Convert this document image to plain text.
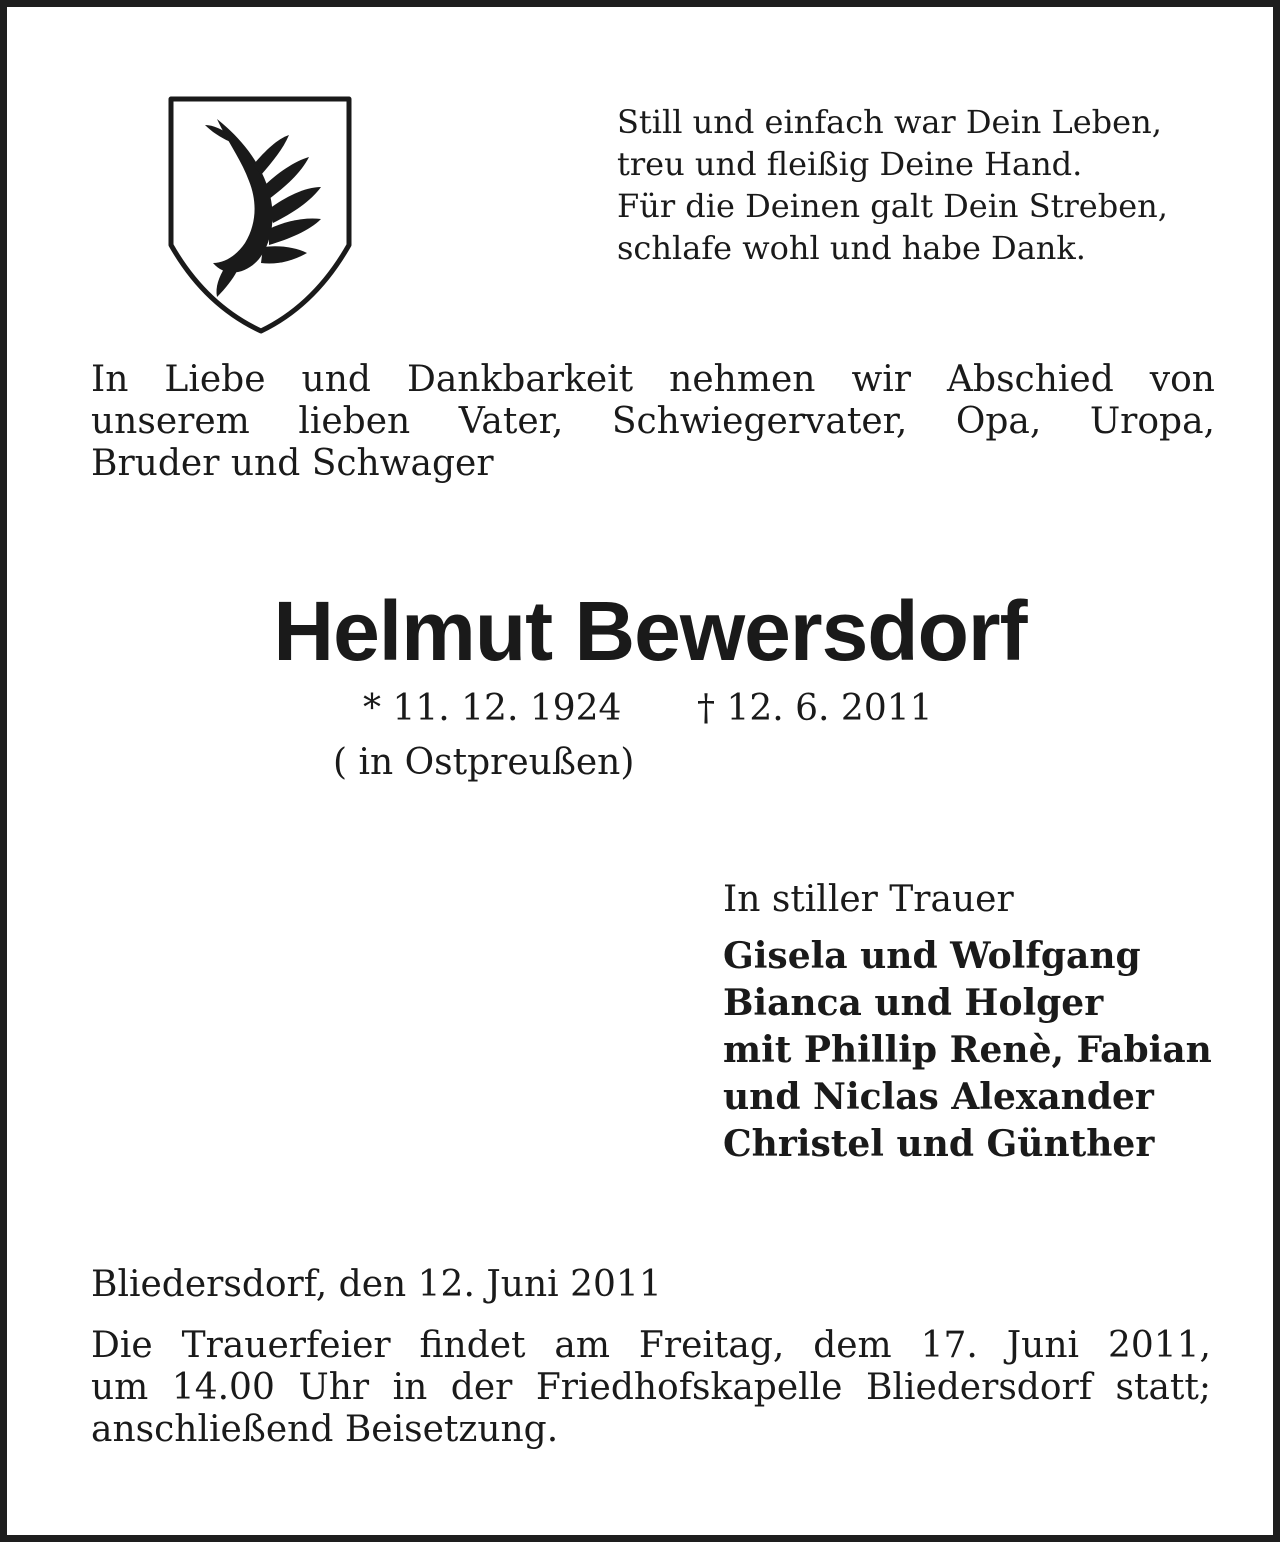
Still und einfach war Dein Leben,
treu und fleißig Deine Hand.
Für die Deinen galt Dein Streben,
schlafe wohl und habe Dank.
In Liebe und Dankbarkeit nehmen wir Abschied von
unserem lieben Vater, Schwiegervater, Opa, Uropa,
Bruder und Schwager
Helmut Bewersdorf
* 11. 12. 1924 † 12. 6. 2011
( in Ostpreußen)
In stiller Trauer
Gisela und Wolfgang
Bianca und Holger
mit Phillip Renè, Fabian
und Niclas Alexander
Christel und Günther
Bliedersdorf, den 12. Juni 2011
Die Trauerfeier findet am Freitag, dem 17. Juni 2011,
um 14.00 Uhr in der Friedhofskapelle Bliedersdorf statt;
anschließend Beisetzung.
